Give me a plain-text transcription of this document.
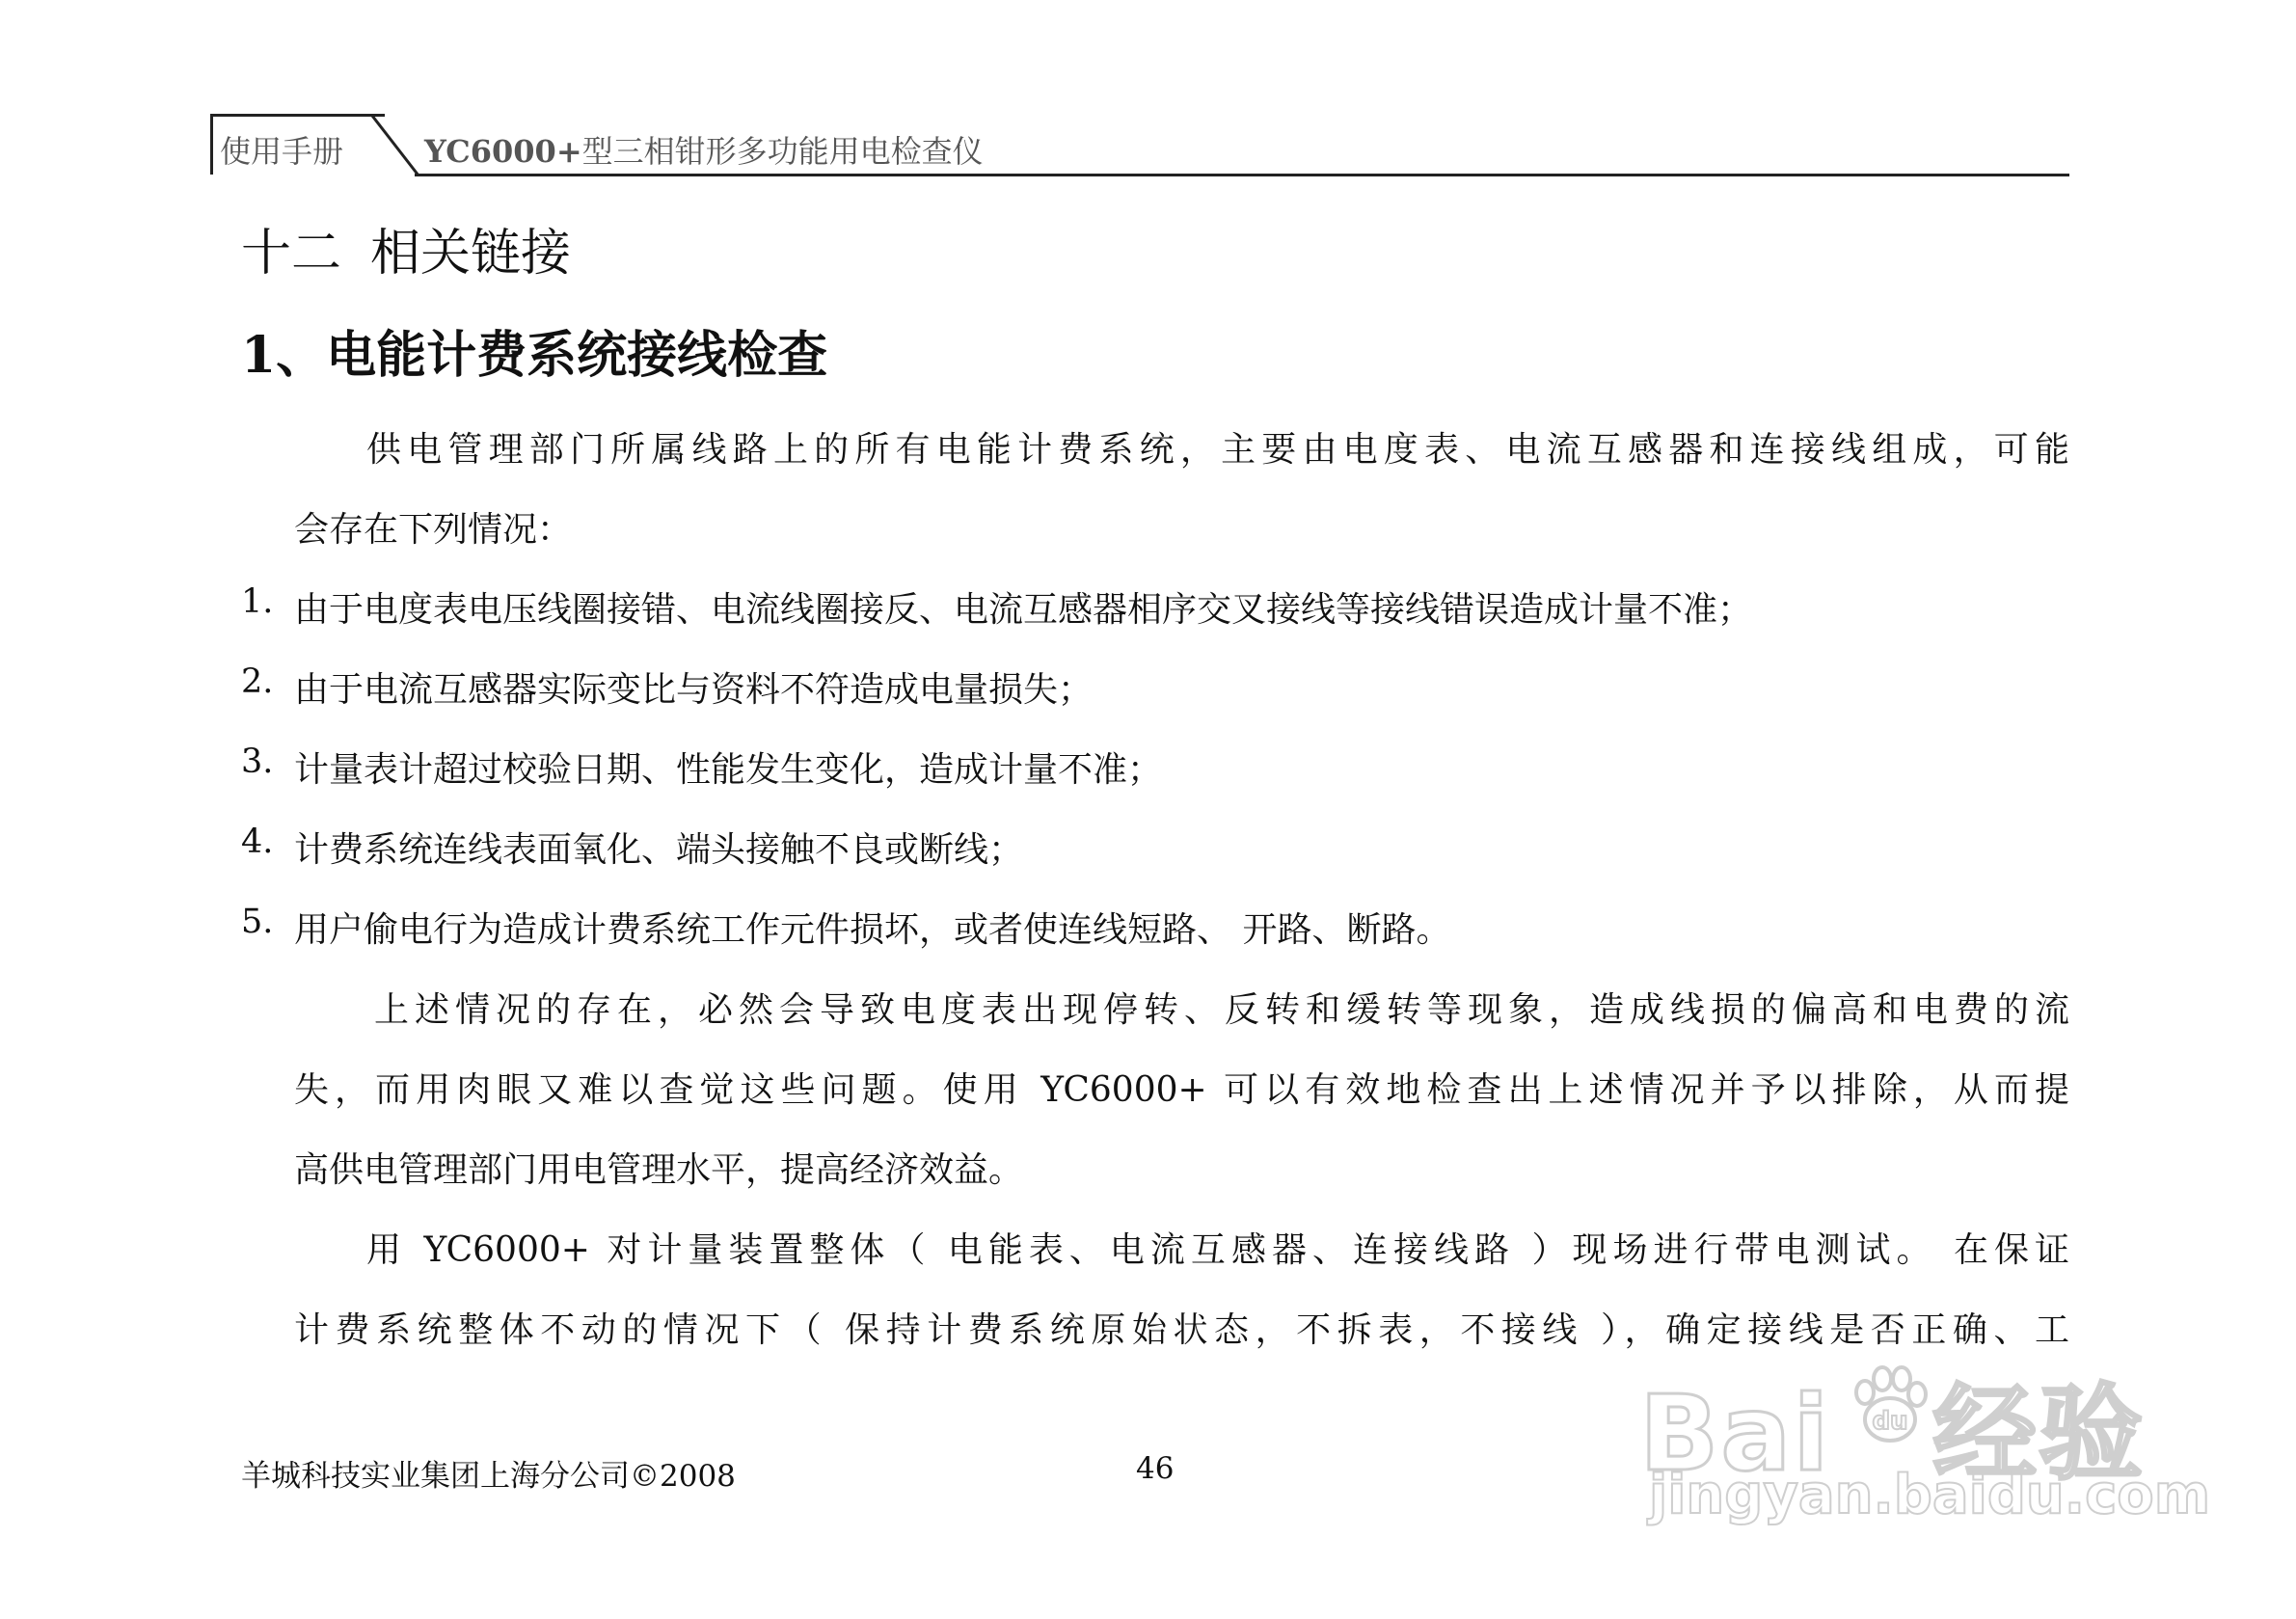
使用手册	YC6000+型三相钳形多功能用电检查仪
十二 相关链接
1、电能计费系统接线检查
供电管理部门所属线路上的所有电能计费系统，主要由电度表、电流互感器和连接线组成，可能
会存在下列情况：
1. 由于电度表电压线圈接错、电流线圈接反、电流互感器相序交叉接线等接线错误造成计量不准；
2. 由于电流互感器实际变比与资料不符造成电量损失；
3. 计量表计超过校验日期、性能发生变化，造成计量不准；
4. 计费系统连线表面氧化、端头接触不良或断线；
5. 用户偷电行为造成计费系统工作元件损坏，或者使连线短路、 开路、断路。
上述情况的存在，必然会导致电度表出现停转、反转和缓转等现象，造成线损的偏高和电费的流
失，而用肉眼又难以查觉这些问题。使用 YC6000+ 可以有效地检查出上述情况并予以排除，从而提
高供电管理部门用电管理水平，提高经济效益。
用 YC6000+ 对计量装置整体（ 电能表、电流互感器、连接线路 ）现场进行带电测试。 在保证
计费系统整体不动的情况下（ 保持计费系统原始状态，不拆表，不接线 ），确定接线是否正确、工
羊城科技实业集团上海分公司©2008	46	Bai 经验
du
jingyan.baidu.com
